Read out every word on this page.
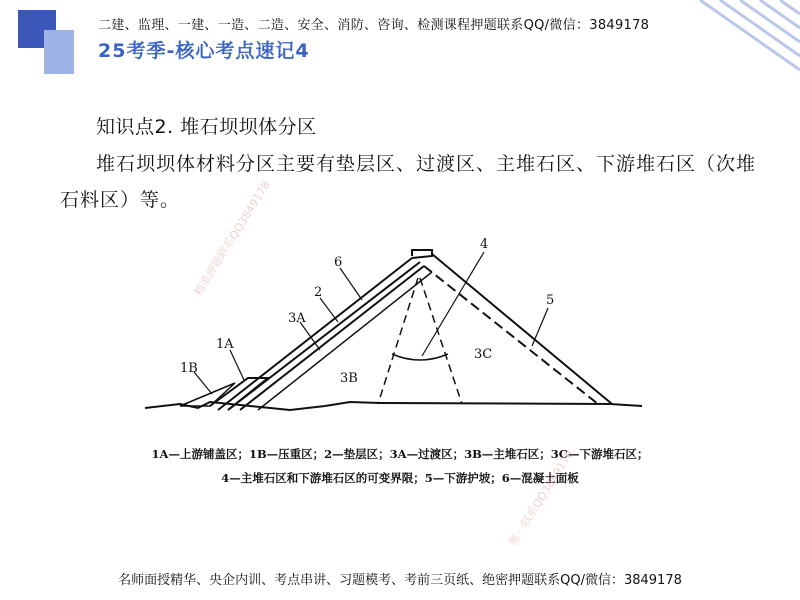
二建、监理、一建、一造、二造、安全、消防、咨询、检测课程押题联系QQ/微信：3849178
25考季-核心考点速记4
知识点2. 堆石坝坝体分区
堆石坝坝体材料分区主要有垫层区、过渡区、主堆石区、下游堆石区（次堆石料区）等。
6
2
3A
1A
1B
3B
4
5
3C
1A—上游铺盖区；1B—压重区；2—垫层区；3A—过渡区；3B—主堆石区；3C—下游堆石区；
4—主堆石区和下游堆石区的可变界限；5—下游护坡；6—混凝土面板
精准押题联系QQ3849178
唯一联系QQ3849178
名师面授精华、央企内训、考点串讲、习题模考、考前三页纸、绝密押题联系QQ/微信：3849178
